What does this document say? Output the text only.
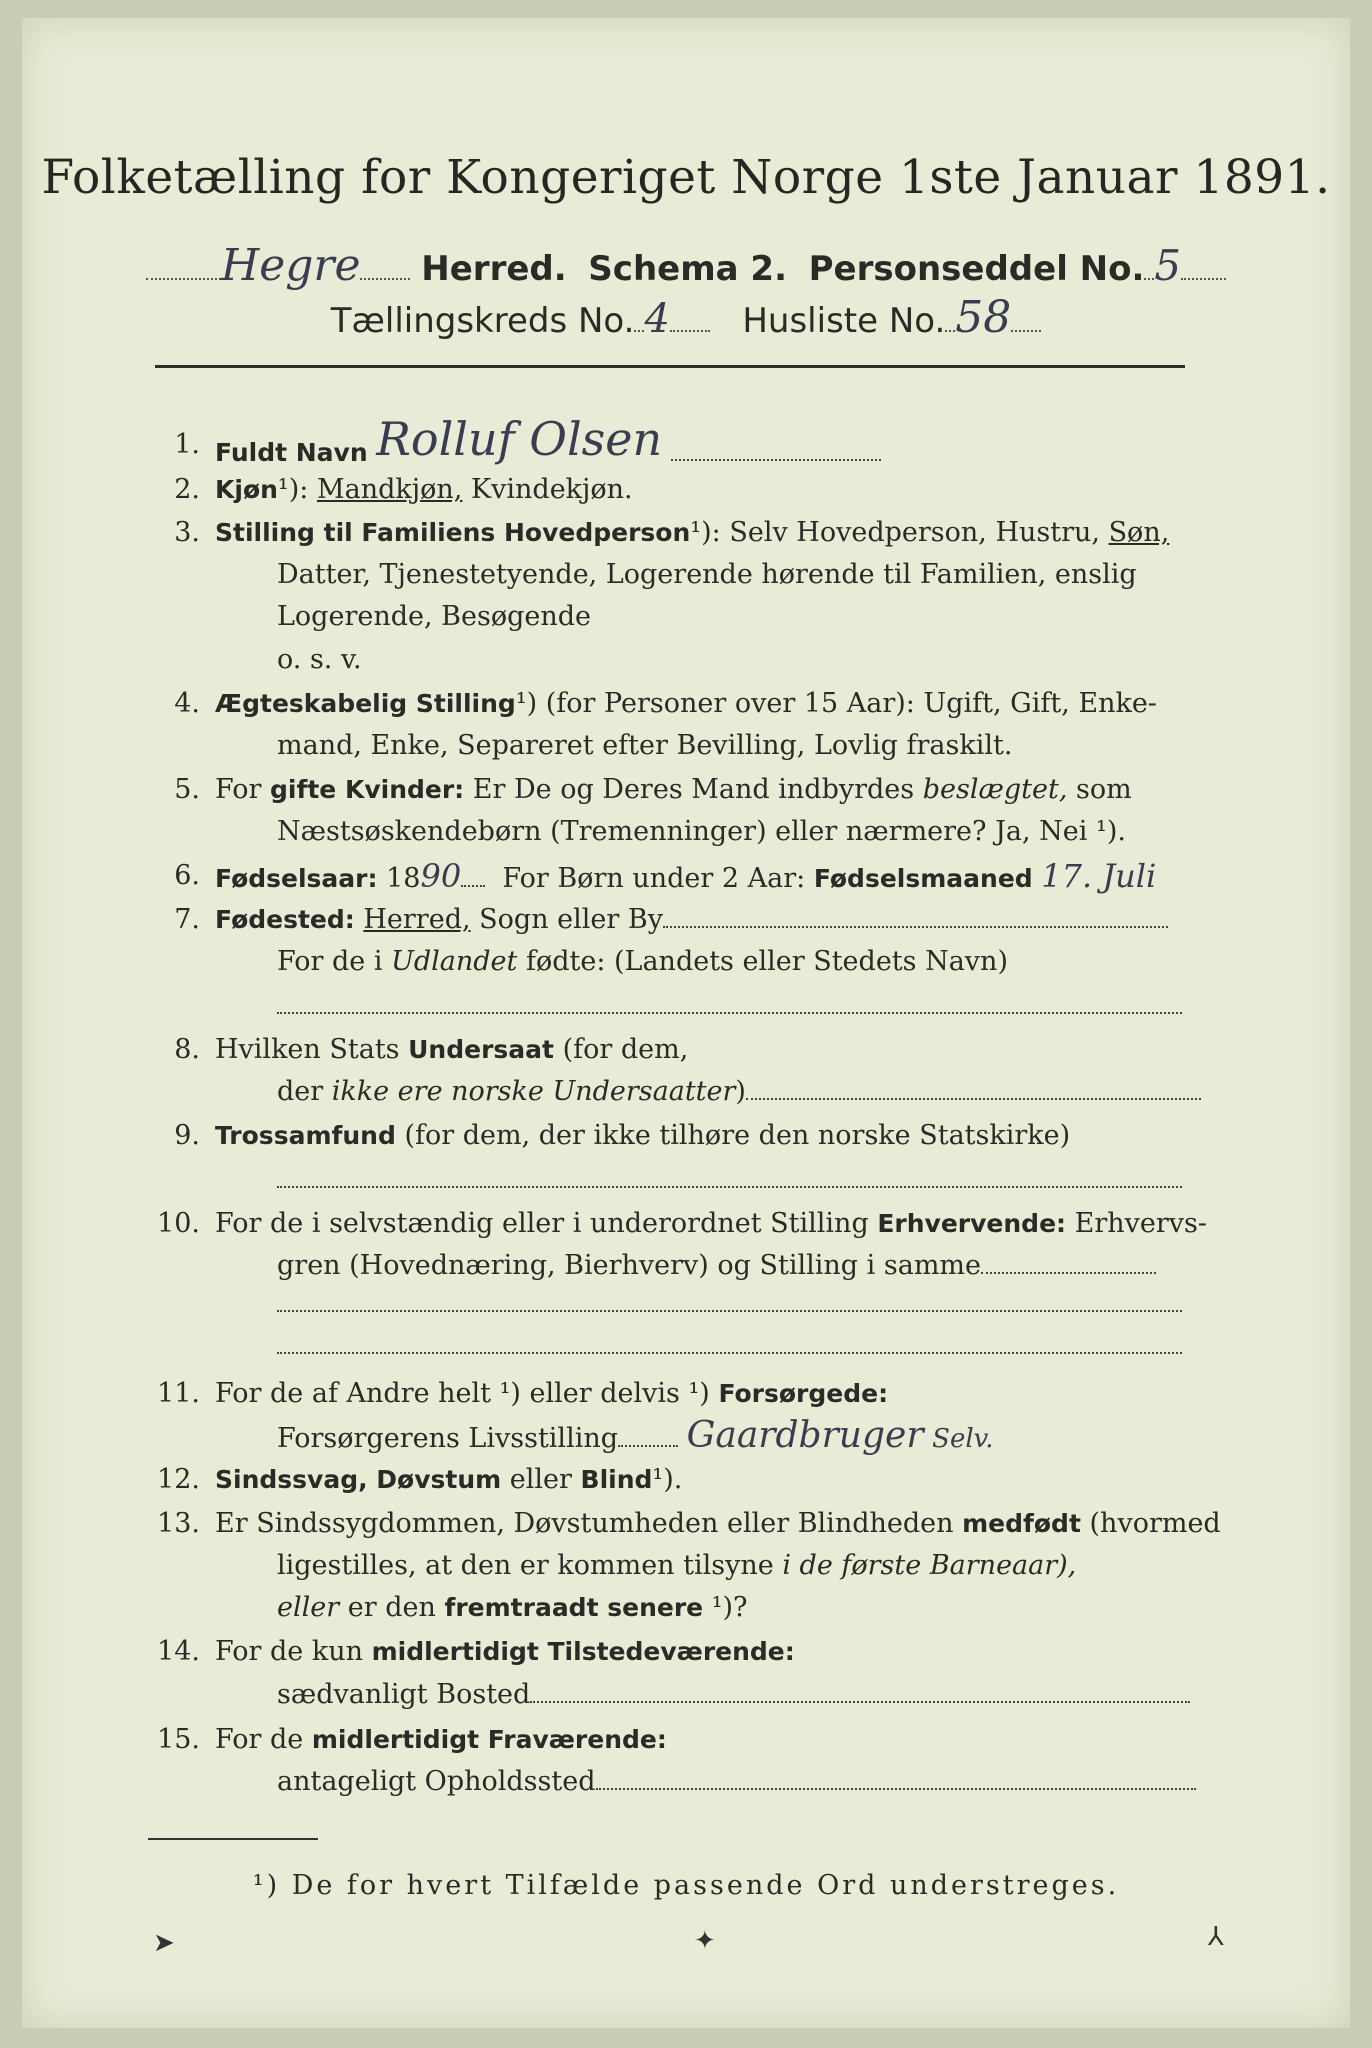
Folketælling for Kongeriget Norge 1ste Januar 1891.
Hegre Herred. Schema 2. Personseddel No. 5
Tællingskreds No. 4 Husliste No. 58
1. Fuldt Navn Rolluf Olsen
2. Kjøn¹): Mandkjøn, Kvindekjøn.
3. Stilling til Familiens Hovedperson¹): Selv Hovedperson, Hustru, Søn,
Datter, Tjenestetyende, Logerende hørende til Familien, enslig
Logerende, Besøgende
o. s. v.
4. Ægteskabelig Stilling¹) (for Personer over 15 Aar): Ugift, Gift, Enke-
mand, Enke, Separeret efter Bevilling, Lovlig fraskilt.
5. For gifte Kvinder: Er De og Deres Mand indbyrdes beslægtet, som
Næstsøskendebørn (Tremenninger) eller nærmere? Ja, Nei ¹).
6. Fødselsaar: 1890 For Børn under 2 Aar: Fødselsmaaned 17. Juli
7. Fødested: Herred, Sogn eller By
For de i Udlandet fødte: (Landets eller Stedets Navn)
8. Hvilken Stats Undersaat (for dem,
der ikke ere norske Undersaatter)
9. Trossamfund (for dem, der ikke tilhøre den norske Statskirke)
10. For de i selvstændig eller i underordnet Stilling Erhvervende: Erhvervs-
gren (Hovednæring, Bierhverv) og Stilling i samme
11. For de af Andre helt ¹) eller delvis ¹) Forsørgede:
Forsørgerens Livsstilling Gaardbruger Selv.
12. Sindssvag, Døvstum eller Blind¹).
13. Er Sindssygdommen, Døvstumheden eller Blindheden medfødt (hvormed
ligestilles, at den er kommen tilsyne i de første Barneaar),
eller er den fremtraadt senere ¹)?
14. For de kun midlertidigt Tilstedeværende:
sædvanligt Bosted
15. For de midlertidigt Fraværende:
antageligt Opholdssted
¹) De for hvert Tilfælde passende Ord understreges.
➤	✦	⅄
